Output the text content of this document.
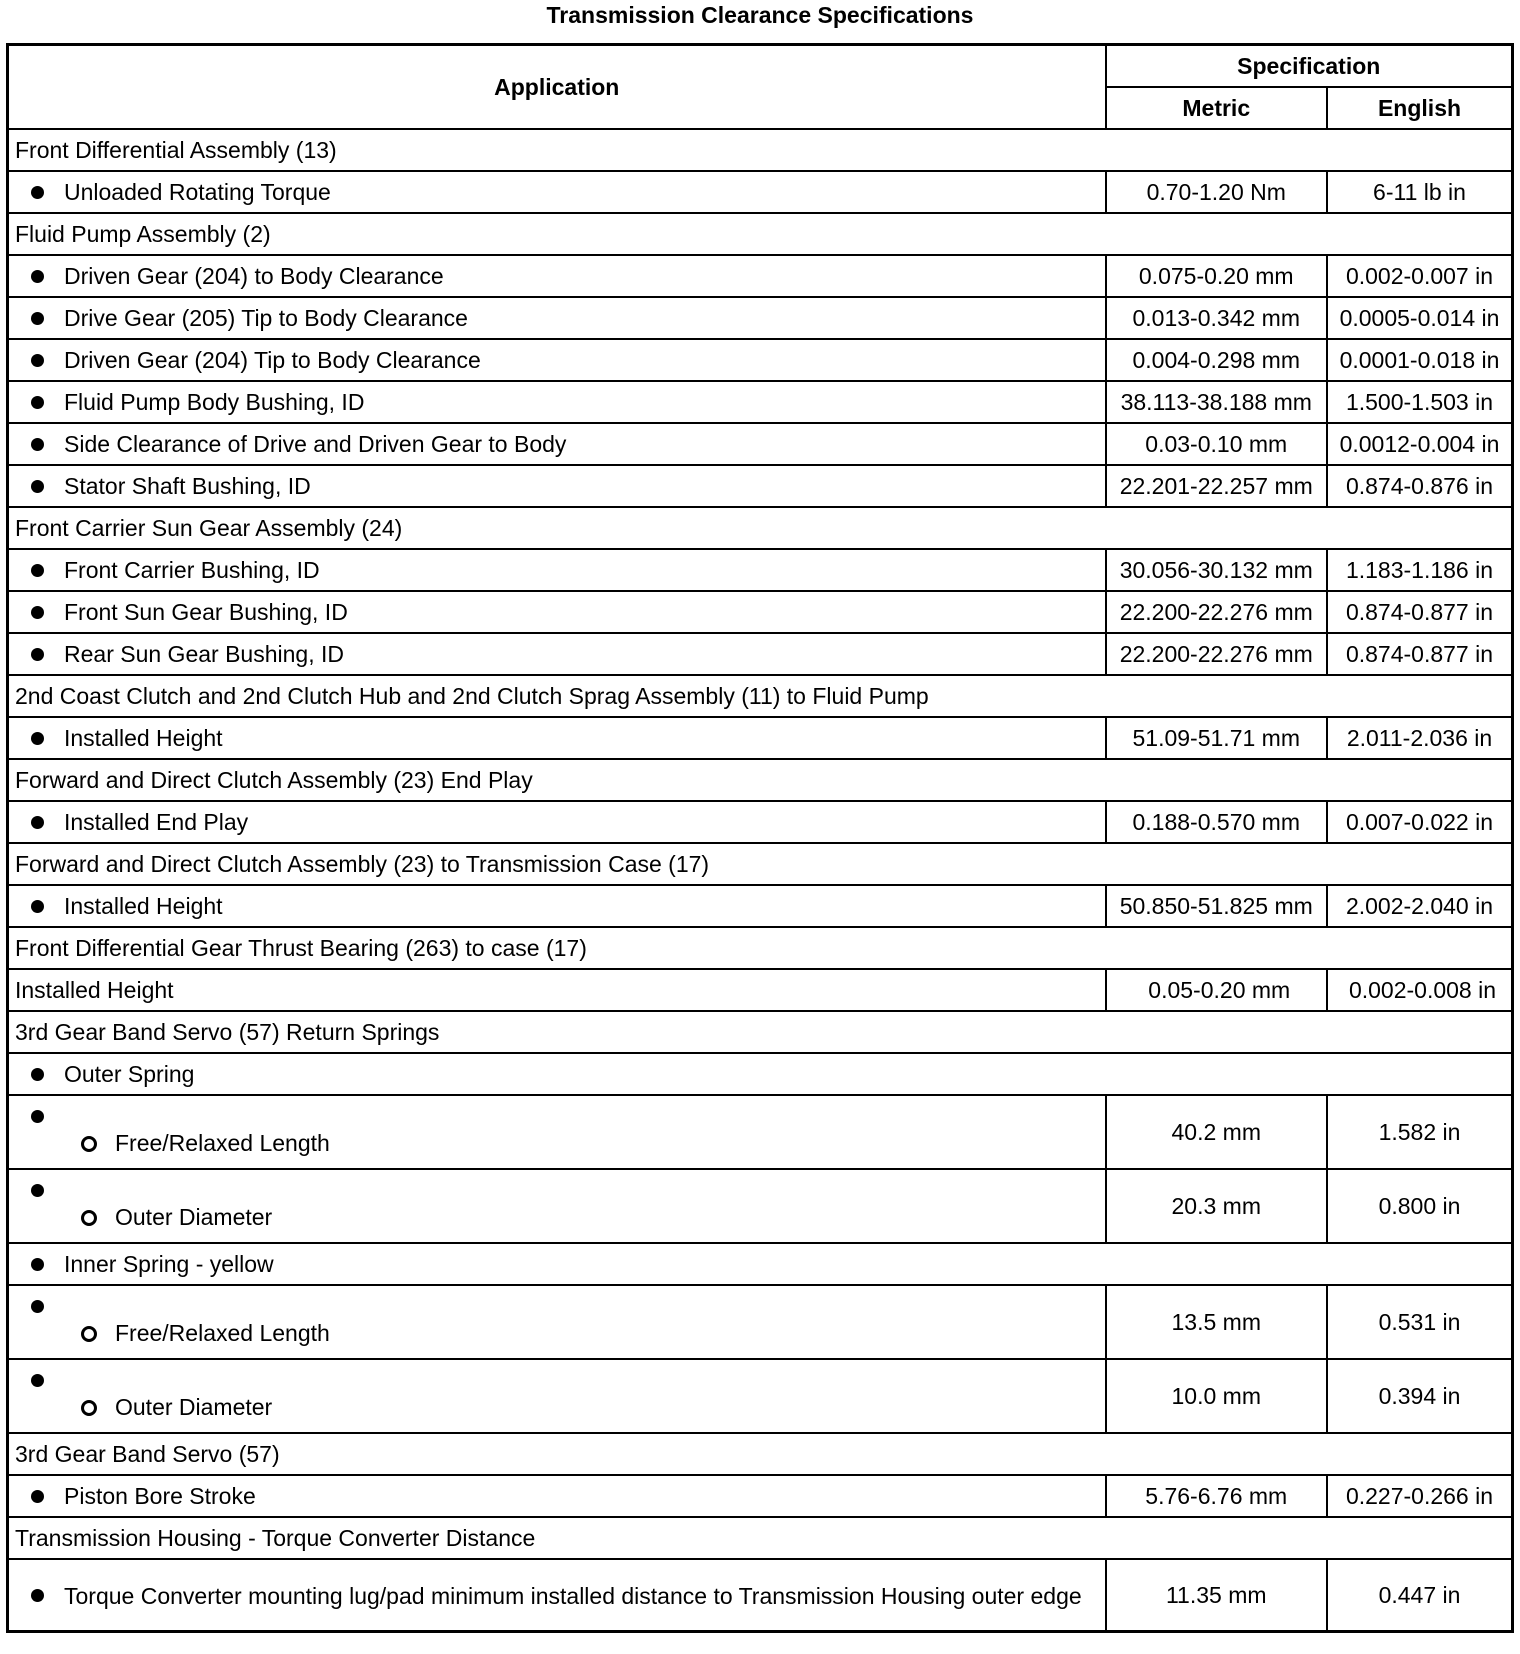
Transmission Clearance Specifications
Application	Specification	
	Metric	English
Front Differential Assembly (13)		

Unloaded Rotating Torque	0.70-1.20 Nm	6-11 lb in
Fluid Pump Assembly (2)		

Driven Gear (204) to Body Clearance	0.075-0.20 mm	0.002-0.007 in

Drive Gear (205) Tip to Body Clearance	0.013-0.342 mm	0.0005-0.014 in

Driven Gear (204) Tip to Body Clearance	0.004-0.298 mm	0.0001-0.018 in

Fluid Pump Body Bushing, ID	38.113-38.188 mm	1.500-1.503 in

Side Clearance of Drive and Driven Gear to Body	0.03-0.10 mm	0.0012-0.004 in

Stator Shaft Bushing, ID	22.201-22.257 mm	0.874-0.876 in
Front Carrier Sun Gear Assembly (24)		

Front Carrier Bushing, ID	30.056-30.132 mm	1.183-1.186 in

Front Sun Gear Bushing, ID	22.200-22.276 mm	0.874-0.877 in

Rear Sun Gear Bushing, ID	22.200-22.276 mm	0.874-0.877 in
2nd Coast Clutch and 2nd Clutch Hub and 2nd Clutch Sprag Assembly (11) to Fluid Pump		

Installed Height	51.09-51.71 mm	2.011-2.036 in
Forward and Direct Clutch Assembly (23) End Play		

Installed End Play	0.188-0.570 mm	0.007-0.022 in
Forward and Direct Clutch Assembly (23) to Transmission Case (17)		

Installed Height	50.850-51.825 mm	2.002-2.040 in
Front Differential Gear Thrust Bearing (263) to case (17)		
Installed Height	0.05-0.20 mm	0.002-0.008 in
3rd Gear Band Servo (57) Return Springs		

Outer Spring		

Free/Relaxed Length	40.2 mm	1.582 in

Outer Diameter	20.3 mm	0.800 in

Inner Spring - yellow		

Free/Relaxed Length	13.5 mm	0.531 in

Outer Diameter	10.0 mm	0.394 in
3rd Gear Band Servo (57)		

Piston Bore Stroke	5.76-6.76 mm	0.227-0.266 in
Transmission Housing - Torque Converter Distance		

Torque Converter mounting lug/pad minimum installed distance to Transmission Housing outer edge	11.35 mm	0.447 in
